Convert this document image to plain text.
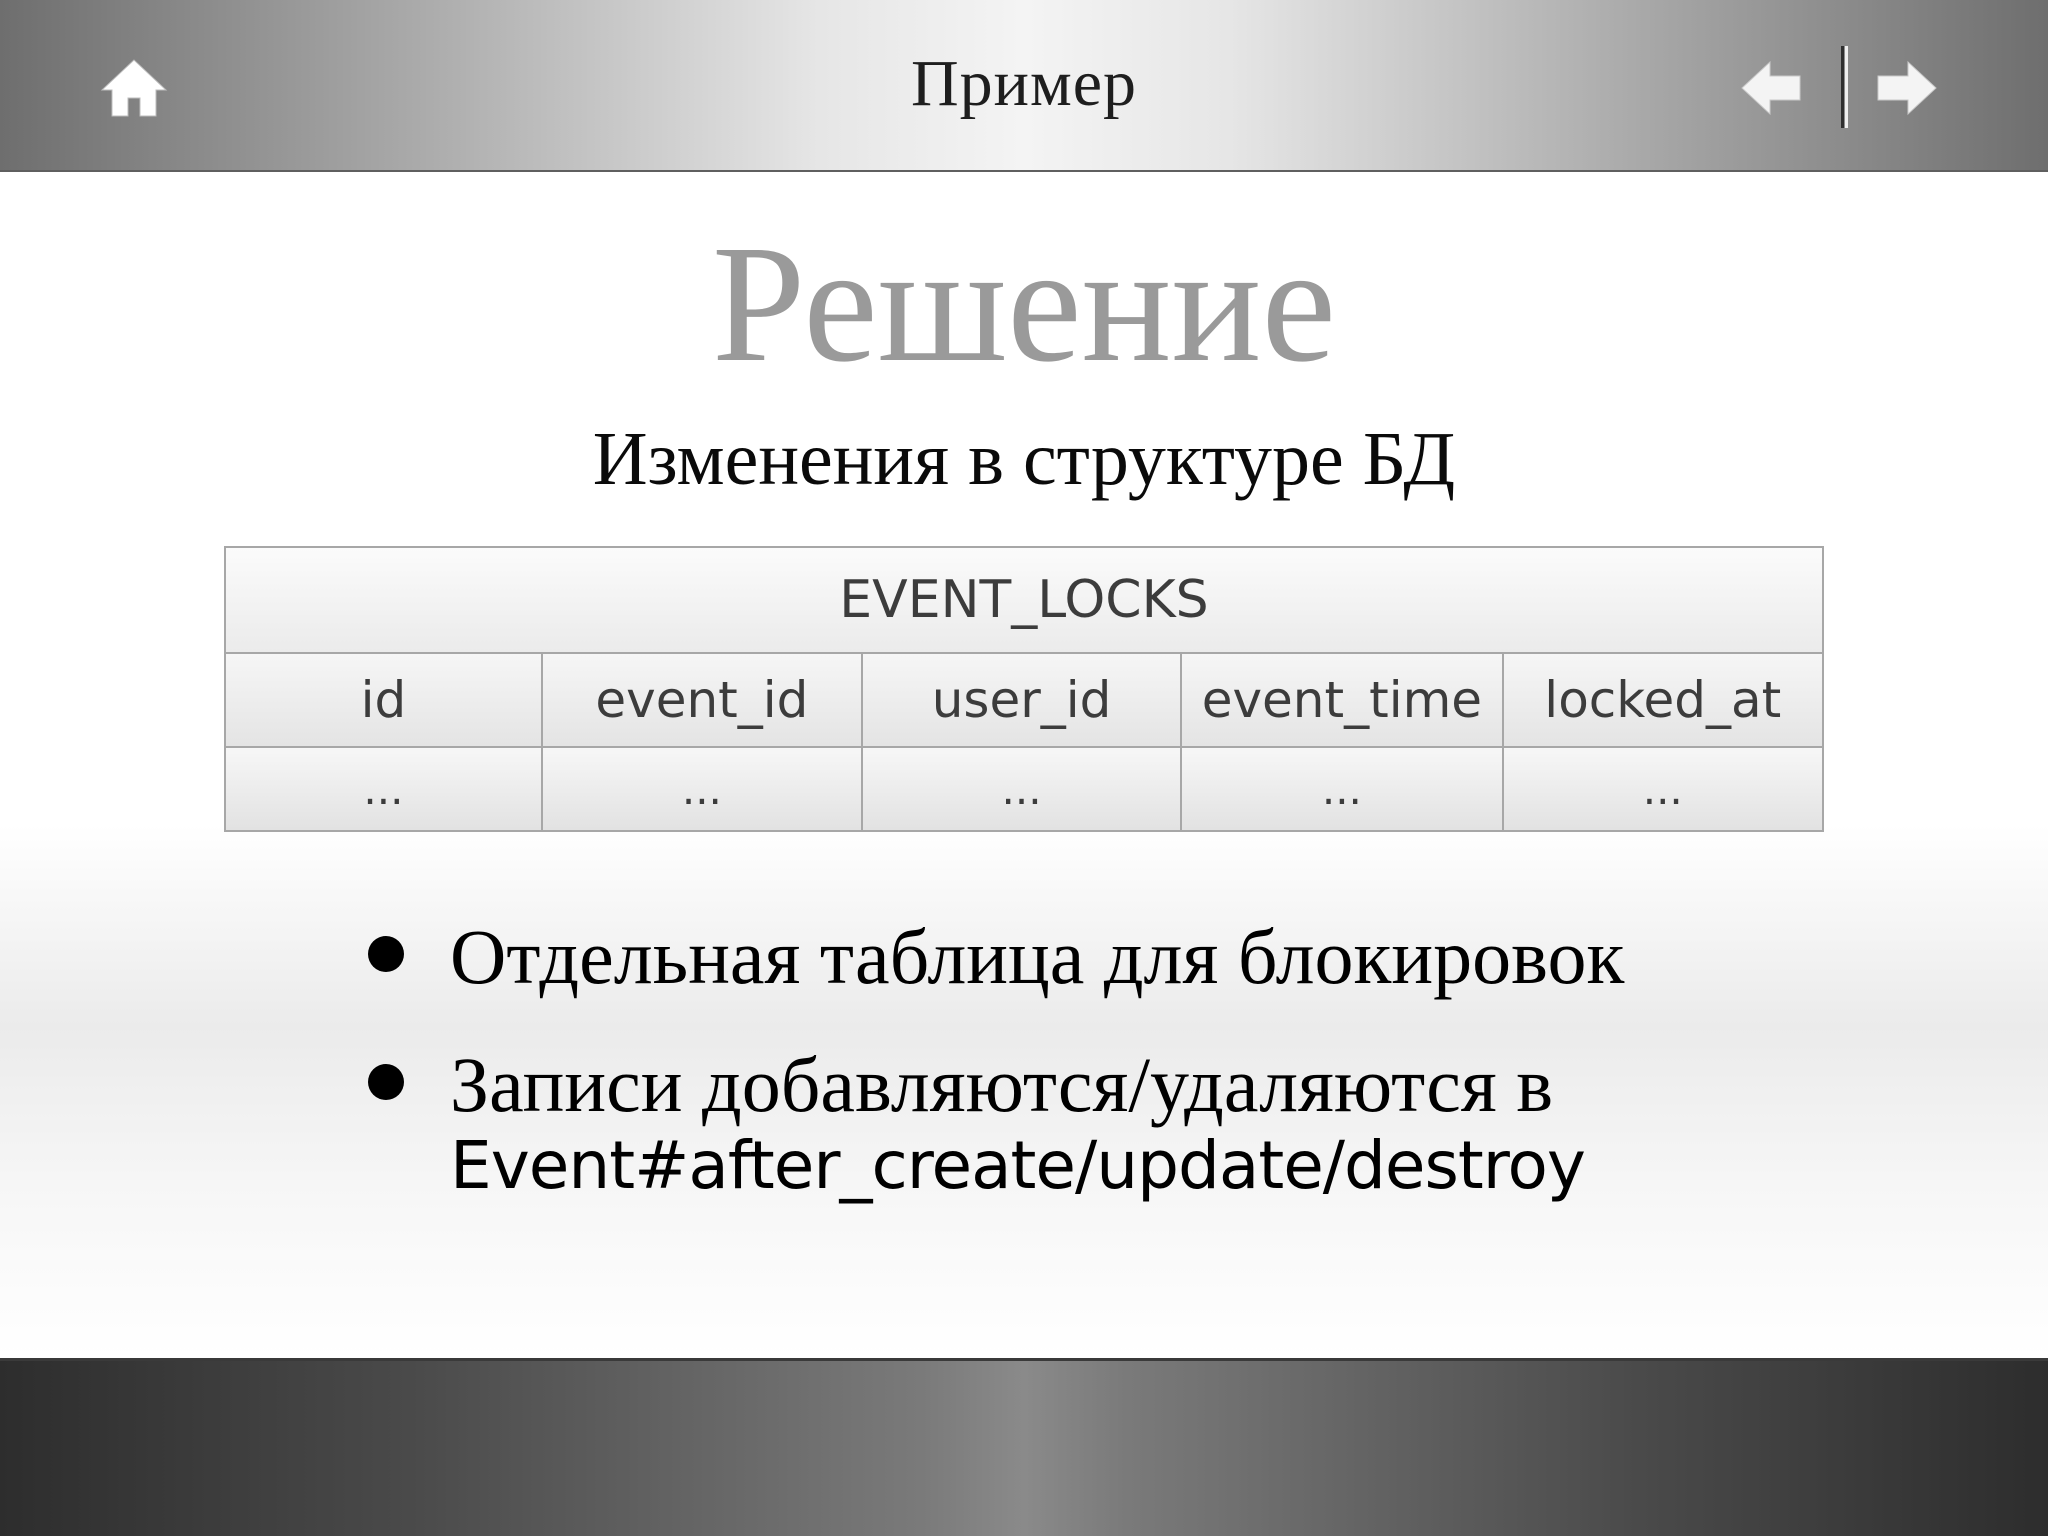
Пример
Решение
Изменения в структуре БД
EVENT_LOCKS				
id	event_id	user_id	event_time	locked_at
...	...	...	...	...
Отдельная таблица для блокировок
Записи добавляются/удаляются в
Event#after_create/update/destroy
